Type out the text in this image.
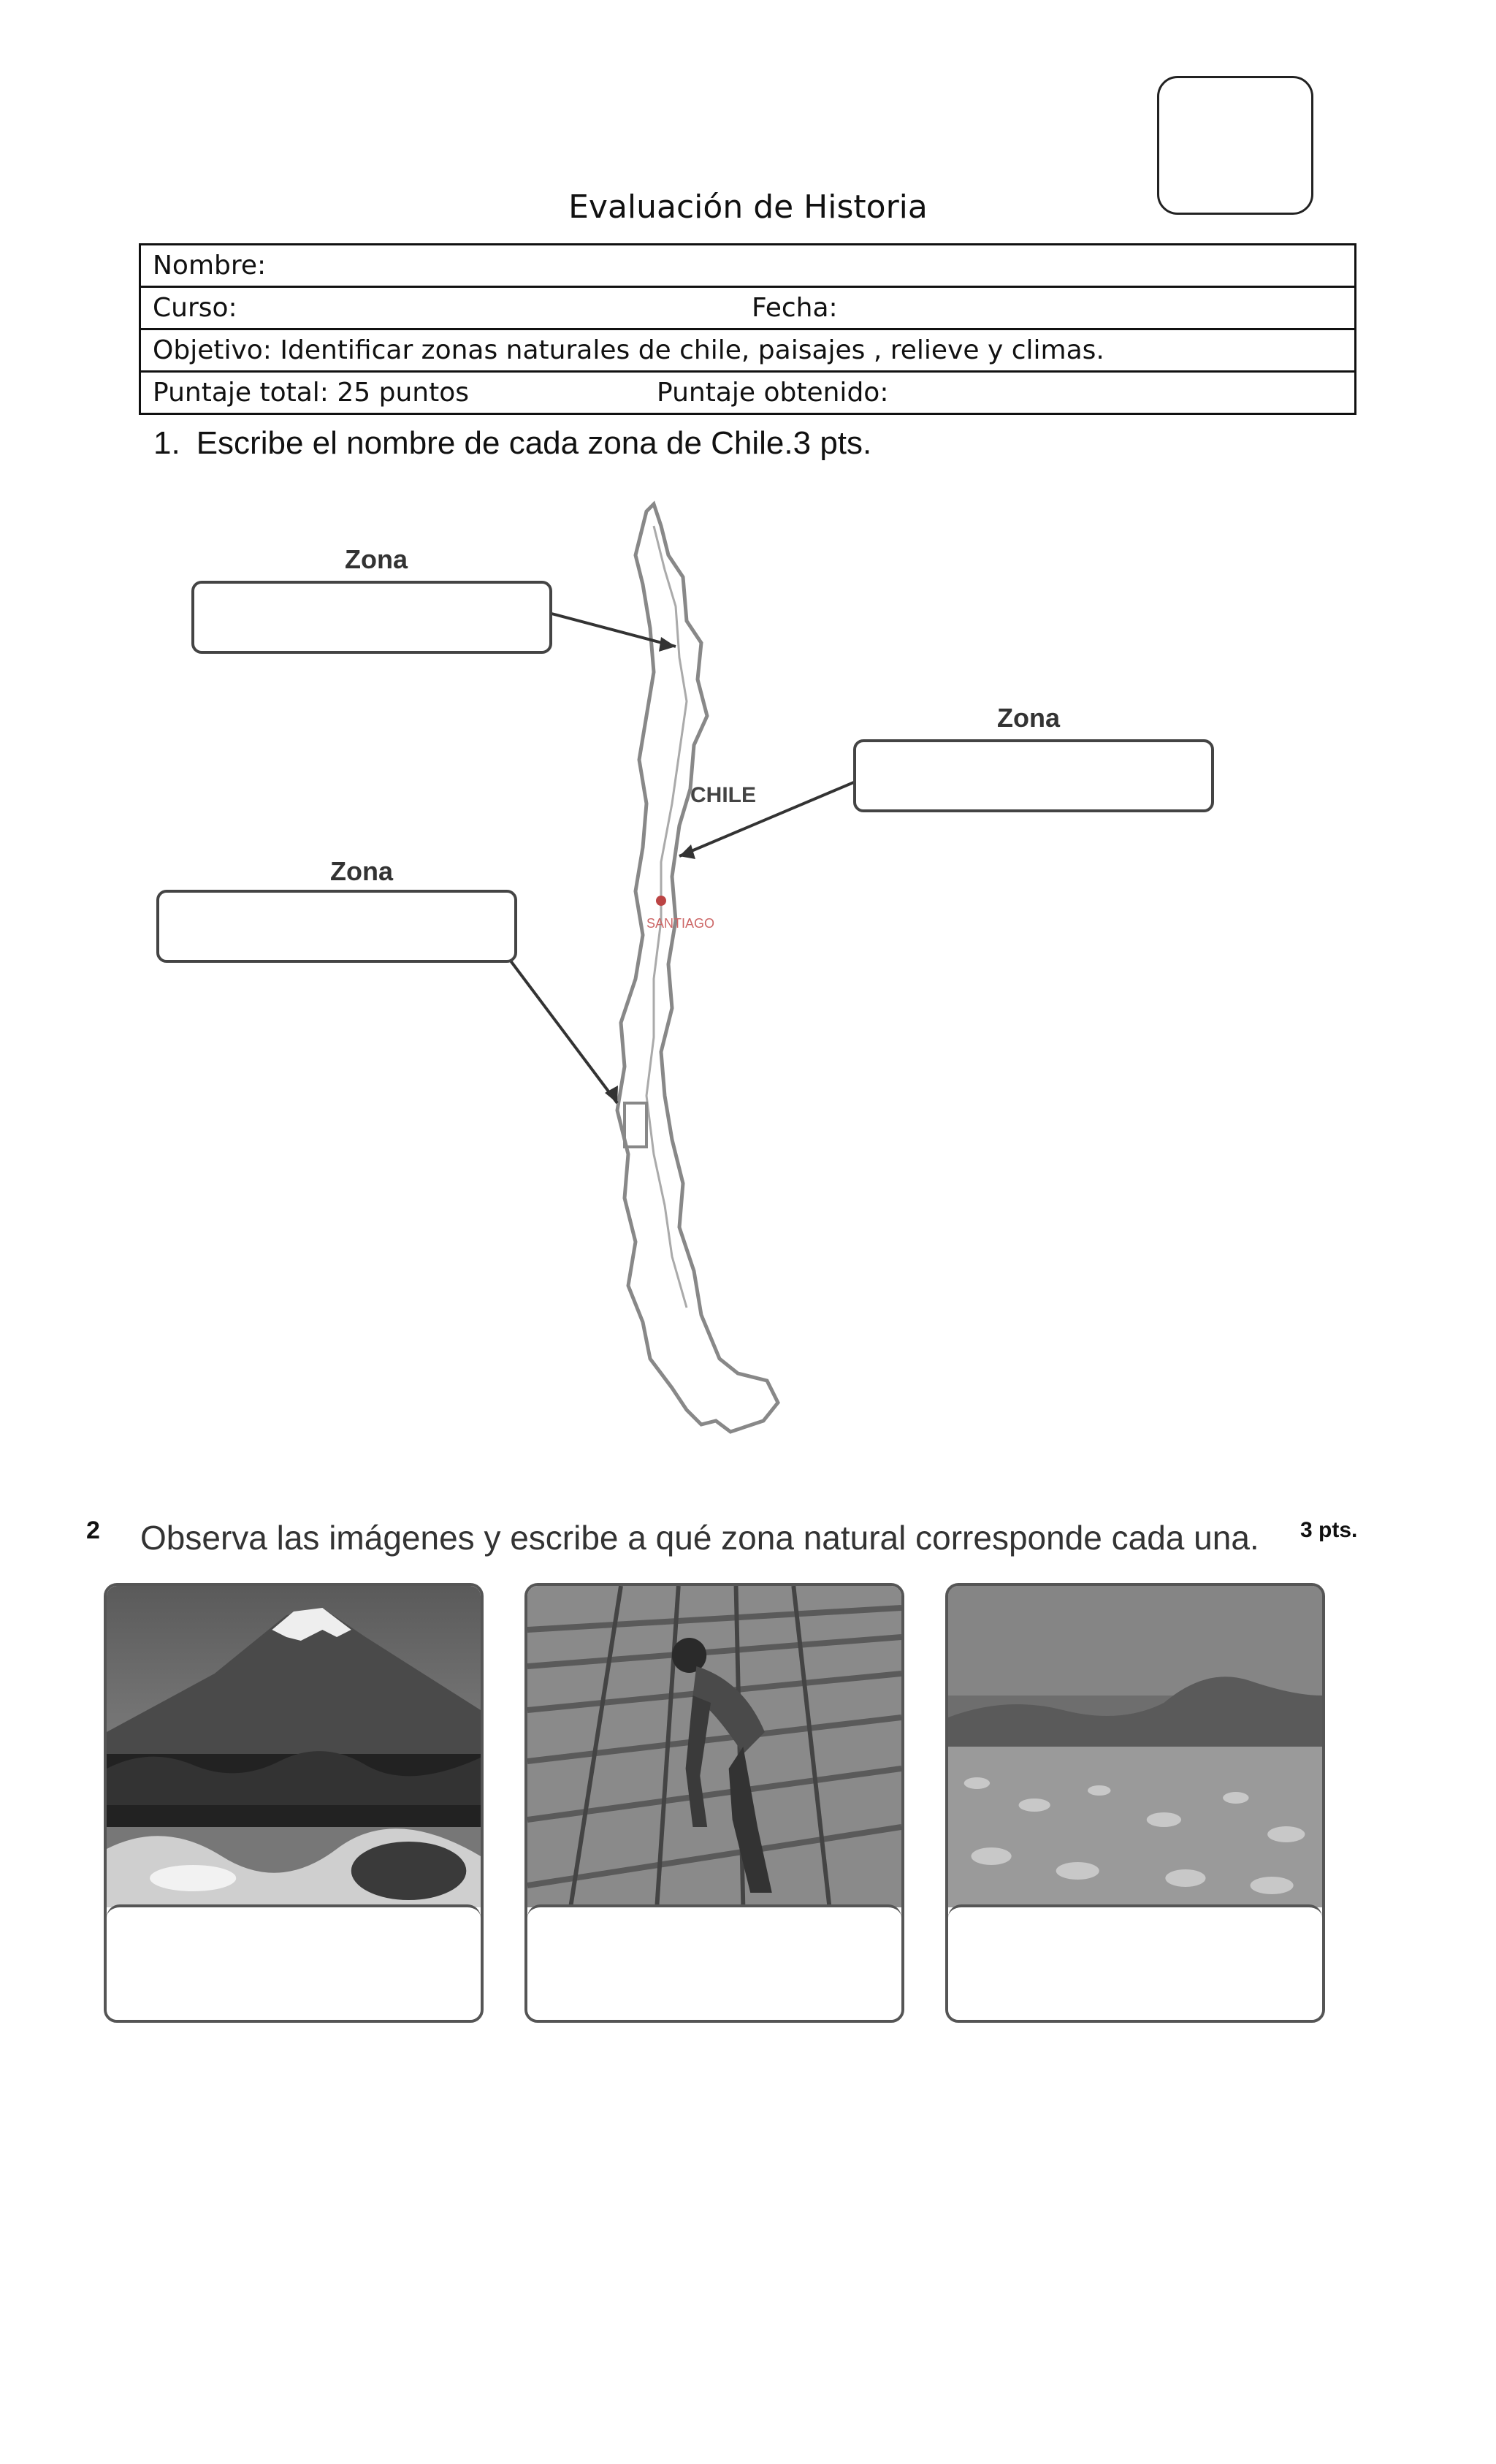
Evaluación de Historia
Nombre:

Curso:	Fecha:

Objetivo: Identificar zonas naturales de chile, paisajes , relieve y climas.

Puntaje total: 25 puntos	Puntaje obtenido:
1. Escribe el nombre de cada zona de Chile.3 pts.
CHILE
SANTIAGO
Zona
Zona
Zona
2 Observa las imágenes y escribe a qué zona natural corresponde cada una. 3 pts.
